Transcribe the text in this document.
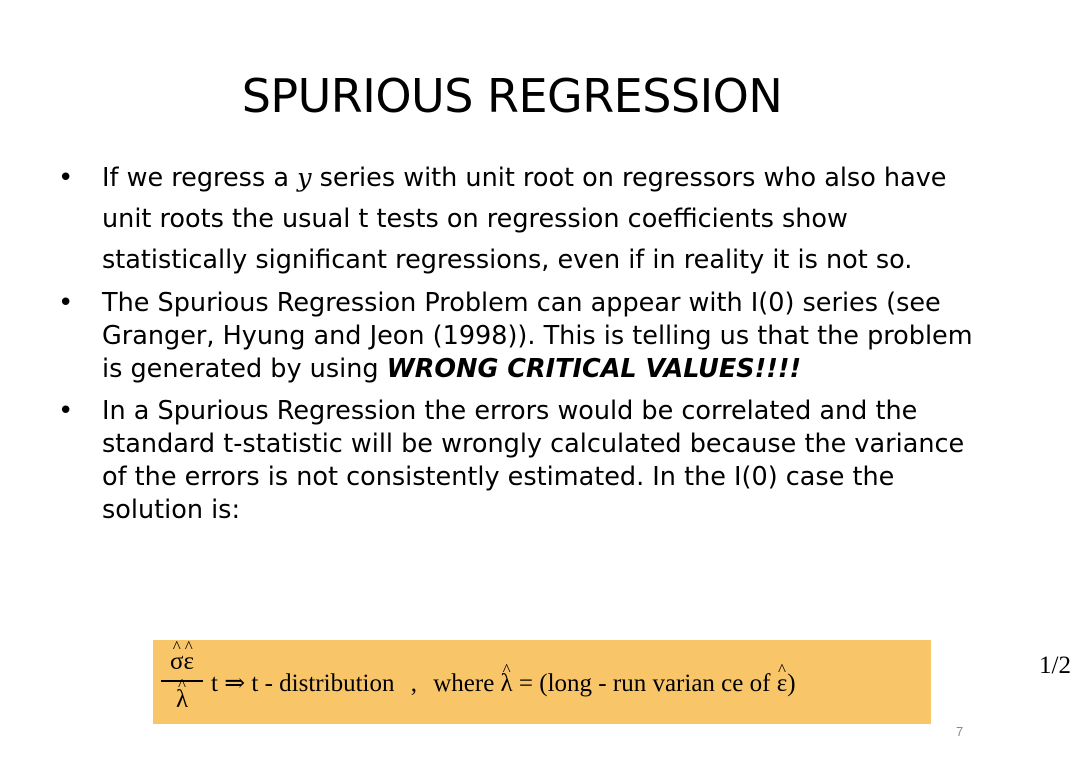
SPURIOUS REGRESSION
• If we regress a y series with unit root on regressors who also have unit roots the usual t tests on regression coefficients show statistically significant regressions, even if in reality it is not so.
• The Spurious Regression Problem can appear with I(0) series (see Granger, Hyung and Jeon (1998)). This is telling us that the problem is generated by using WRONG CRITICAL VALUES!!!!
• In a Spurious Regression the errors would be correlated and the standard t-statistic will be wrongly calculated because the variance of the errors is not consistently estimated. In the I(0) case the solution is:
^ σ^ ε
^ λ
t ⇒ t - distribution , where ^ λ = (long - run varian ce of ^ ε)
1/2
7
